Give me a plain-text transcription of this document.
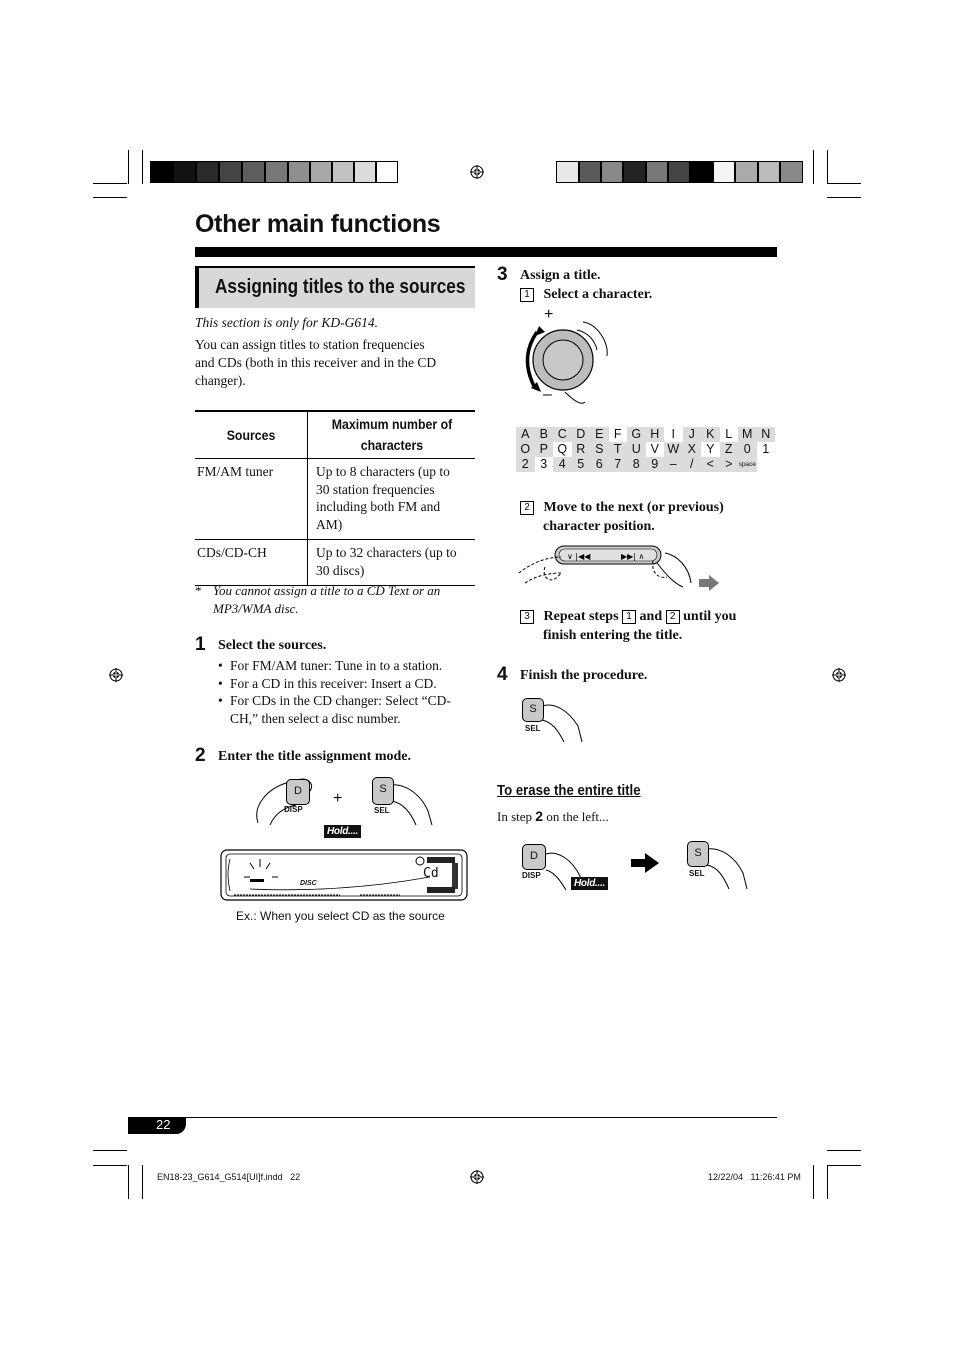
Other main functions
Assigning titles to the sources
This section is only for KD-G614.
You can assign titles to station frequencies
and CDs (both in this receiver and in the CD
changer).
Sources	Maximum number of characters
FM/AM tuner	Up to 8 characters (up to 30 station frequencies including both FM and AM)
CDs/CD-CH	Up to 32 characters (up to 30 discs)
* You cannot assign a title to a CD Text or an MP3/WMA disc.
1 Select the sources.
• For FM/AM tuner: Tune in to a station.
• For a CD in this receiver: Insert a CD.
• For CDs in the CD changer: Select “CD-CH,” then select a disc number.
2 Enter the title assignment mode.
D
DISP
+
S
SEL
Hold....
DISC
Cd
Ex.: When you select CD as the source
3 Assign a title.
1 Select a character.
+
–
A B C D E F G H I	J K L M N
O P Q R S T U V W X Y Z 0 1
2 3 4 5 6 7 8 9 –	/	< > space
2 Move to the next (or previous)
character position.
∨ |◀◀	▶▶| ∧
3 Repeat steps 1 and 2 until you
finish entering the title.
4 Finish the procedure.
S
SEL
To erase the entire title
In step 2 on the left...
D
DISP
Hold....
S
SEL
22
EN18-23_G614_G514[UI]f.indd   22	12/22/04   11:26:41 PM
